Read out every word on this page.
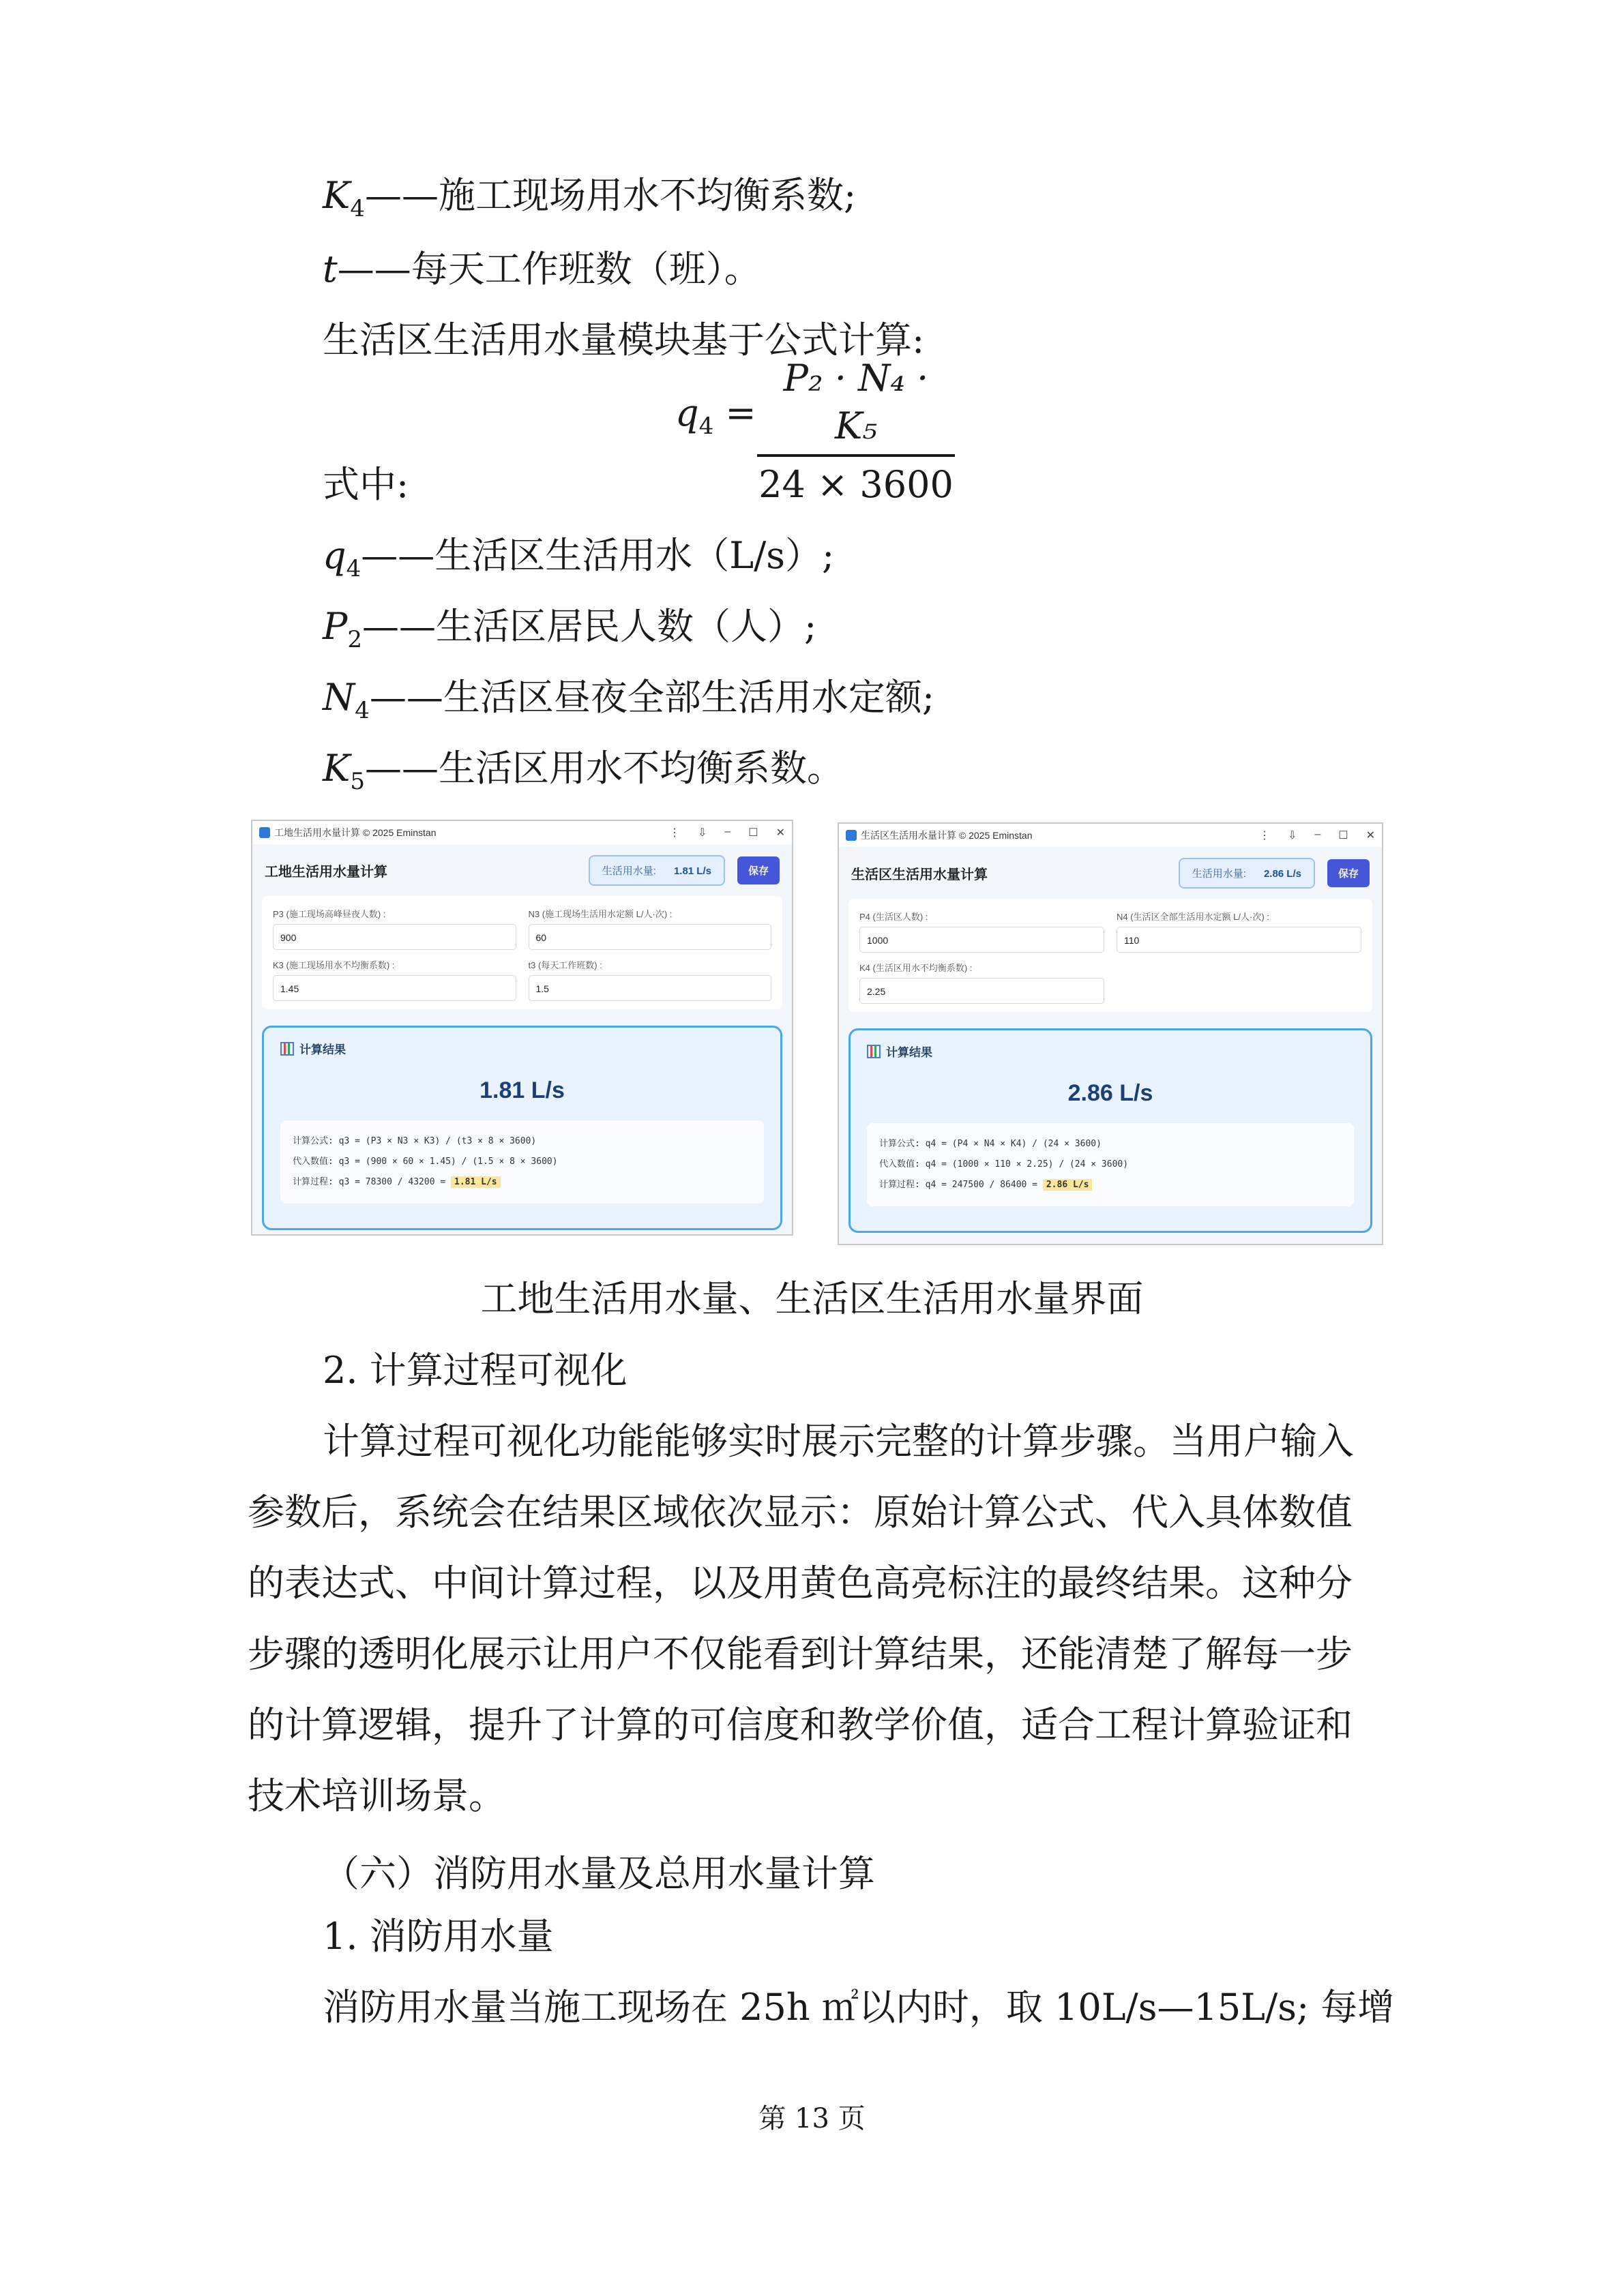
$K_4——$施工现场用水不均衡系数;
t——每天工作班数（班）。
生活区生活用水量模块基于公式计算:
$q_4$ =
P₂ · N₄ · K₅
24 × 3600
式中:
$q_4——$生活区生活用水（L/s）;
$P_2——$生活区居民人数（人）;
$N_4——$生活区昼夜全部生活用水定额;
$K_5——$生活区用水不均衡系数。
工地生活用水量计算 © 2025 Eminstan	⋮ ⇩ – ☐ ✕
工地生活用水量计算	生活用水量: 1.81 L/s	保存
P3 (施工现场高峰昼夜人数) :
900
N3 (施工现场生活用水定额 L/人·次) :
60
K3 (施工现场用水不均衡系数) :
1.45
t3 (每天工作班数) :
1.5
计算结果
1.81 L/s
计算公式: q3 = (P3 × N3 × K3) / (t3 × 8 × 3600)
代入数值: q3 = (900 × 60 × 1.45) / (1.5 × 8 × 3600)
计算过程: q3 = 78300 / 43200 = 1.81 L/s
生活区生活用水量计算 © 2025 Eminstan	⋮ ⇩ – ☐ ✕
生活区生活用水量计算	生活用水量: 2.86 L/s	保存
P4 (生活区人数) :
1000
N4 (生活区全部生活用水定额 L/人·次) :
110
K4 (生活区用水不均衡系数) :
2.25
计算结果
2.86 L/s
计算公式: q4 = (P4 × N4 × K4) / (24 × 3600)
代入数值: q4 = (1000 × 110 × 2.25) / (24 × 3600)
计算过程: q4 = 247500 / 86400 = 2.86 L/s
工地生活用水量、生活区生活用水量界面
2. 计算过程可视化
计算过程可视化功能能够实时展示完整的计算步骤。当用户输入
参数后，系统会在结果区域依次显示：原始计算公式、代入具体数值
的表达式、中间计算过程，以及用黄色高亮标注的最终结果。这种分
步骤的透明化展示让用户不仅能看到计算结果，还能清楚了解每一步
的计算逻辑，提升了计算的可信度和教学价值，适合工程计算验证和
技术培训场景。
（六）消防用水量及总用水量计算
1. 消防用水量
消防用水量当施工现场在 25h ㎡以内时，取 10L/s—15L/s; 每增
第 13 页
